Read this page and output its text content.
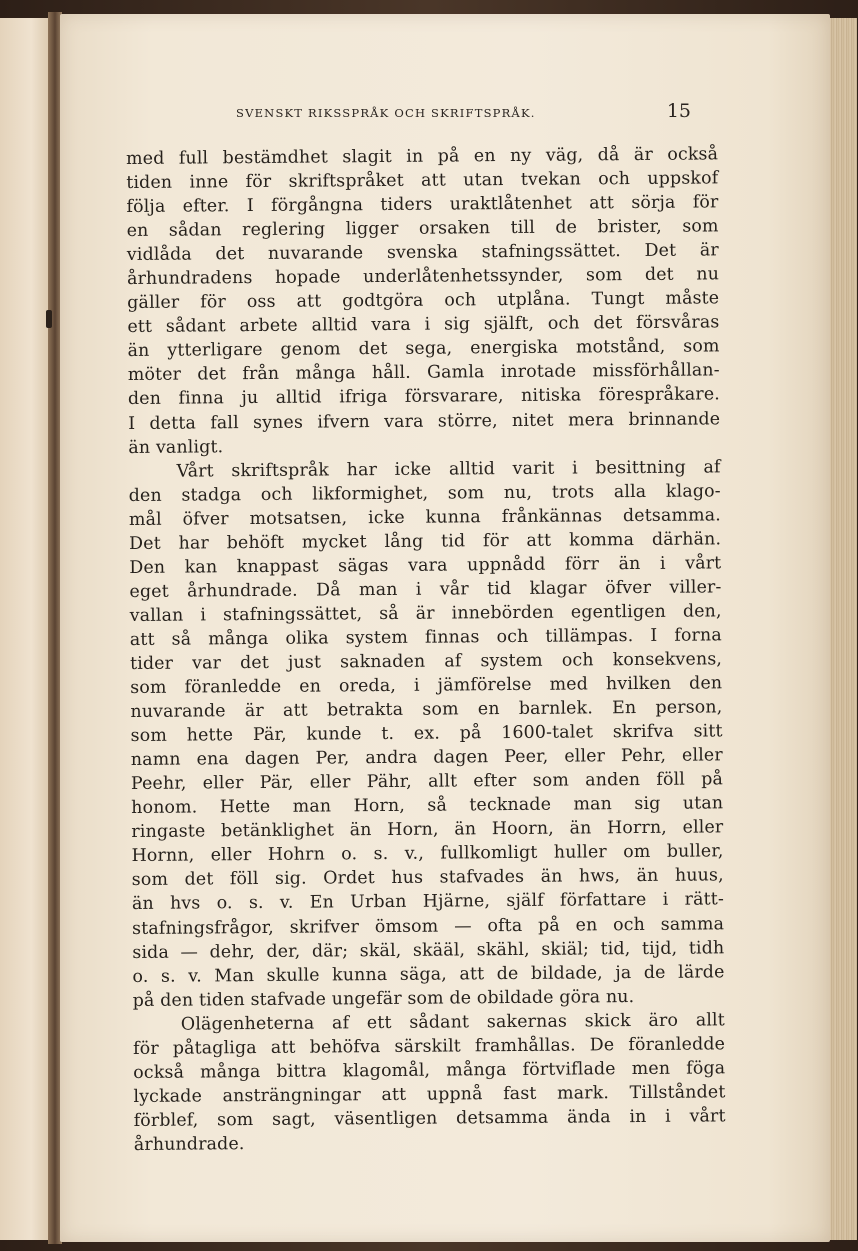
SVENSKT RIKSSPRÅK OCH SKRIFTSPRÅK.	15
med full bestämdhet slagit in på en ny väg, då är också
tiden inne för skriftspråket att utan tvekan och uppskof
följa efter. I förgångna tiders uraktlåtenhet att sörja för
en sådan reglering ligger orsaken till de brister, som
vidlåda det nuvarande svenska stafningssättet. Det är
århundradens hopade underlåtenhetssynder, som det nu
gäller för oss att godtgöra och utplåna. Tungt måste
ett sådant arbete alltid vara i sig själft, och det försvåras
än ytterligare genom det sega, energiska motstånd, som
möter det från många håll. Gamla inrotade missförhållan-
den finna ju alltid ifriga försvarare, nitiska förespråkare.
I detta fall synes ifvern vara större, nitet mera brinnande
än vanligt.
Vårt skriftspråk har icke alltid varit i besittning af
den stadga och likformighet, som nu, trots alla klago-
mål öfver motsatsen, icke kunna frånkännas detsamma.
Det har behöft mycket lång tid för att komma därhän.
Den kan knappast sägas vara uppnådd förr än i vårt
eget århundrade. Då man i vår tid klagar öfver viller-
vallan i stafningssättet, så är innebörden egentligen den,
att så många olika system finnas och tillämpas. I forna
tider var det just saknaden af system och konsekvens,
som föranledde en oreda, i jämförelse med hvilken den
nuvarande är att betrakta som en barnlek. En person,
som hette Pär, kunde t. ex. på 1600-talet skrifva sitt
namn ena dagen Per, andra dagen Peer, eller Pehr, eller
Peehr, eller Pär, eller Pähr, allt efter som anden föll på
honom. Hette man Horn, så tecknade man sig utan
ringaste betänklighet än Horn, än Hoorn, än Horrn, eller
Hornn, eller Hohrn o. s. v., fullkomligt huller om buller,
som det föll sig. Ordet hus stafvades än hws, än huus,
än hvs o. s. v. En Urban Hjärne, själf författare i rätt-
stafningsfrågor, skrifver ömsom — ofta på en och samma
sida — dehr, der, där; skäl, skääl, skähl, skiäl; tid, tijd, tidh
o. s. v. Man skulle kunna säga, att de bildade, ja de lärde
på den tiden stafvade ungefär som de obildade göra nu.
Olägenheterna af ett sådant sakernas skick äro allt
för påtagliga att behöfva särskilt framhållas. De föranledde
också många bittra klagomål, många förtviflade men föga
lyckade ansträngningar att uppnå fast mark. Tillståndet
förblef, som sagt, väsentligen detsamma ända in i vårt
århundrade.
